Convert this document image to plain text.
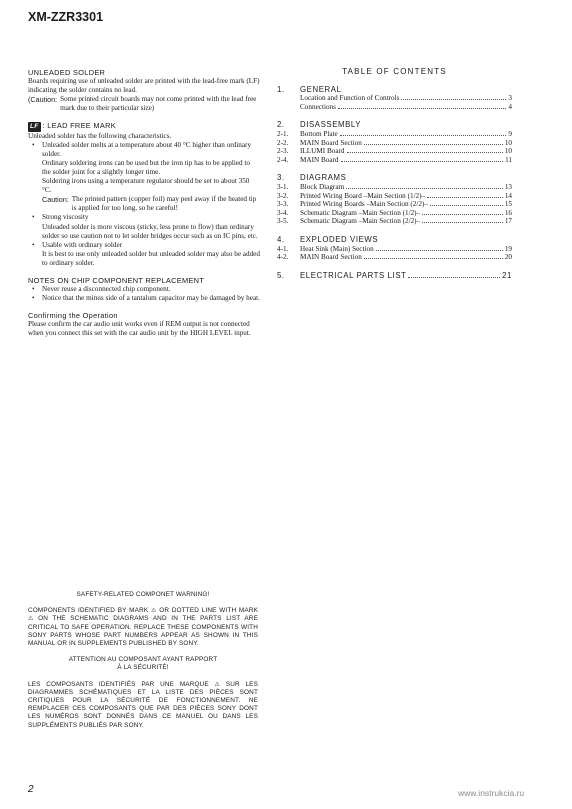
XM-ZZR3301
UNLEADED SOLDER

Boards requiring use of unleaded solder are printed with the lead-free mark (LF) indicating the solder contains no lead.

(Caution: Some printed circuit boards may not come printed with the lead free mark due to their particular size)
LF : LEAD FREE MARK

Unleaded solder has the following characteristics.

• Unleaded solder melts at a temperature about 40 °C higher than ordinary solder.
Ordinary soldering irons can be used but the iron tip has to be applied to the solder joint for a slightly longer time.
Soldering irons using a temperature regulator should be set to about 350 °C.
Caution: The printed pattern (copper foil) may peel away if the heated tip is applied for too long, so be careful!
• Strong viscosity
Unleaded solder is more viscous (sticky, less prone to flow) than ordinary solder so use caution not to let solder bridges occur such as on IC pins, etc.
• Usable with ordinary solder
It is best to use only unleaded solder but unleaded solder may also be added to ordinary solder.
NOTES ON CHIP COMPONENT REPLACEMENT
• Never reuse a disconnected chip component.
• Notice that the minus side of a tantalum capacitor may be damaged by heat.
Confirming the Operation

Please confirm the car audio unit works even if REM output is not connected when you connect this set with the car audio unit by the HIGH LEVEL input.

TABLE OF CONTENTS
1.	GENERAL
Location and Function of Controls	3
Connections	4
2.	DISASSEMBLY
2-1.	Bottom Plate	9
2-2.	MAIN Board Section	10
2-3.	ILLUMI Board	10
2-4.	MAIN Board	11
3.	DIAGRAMS
3-1.	Block Diagram	13
3-2.	Printed Wiring Board –Main Section (1/2)–	14
3-3.	Printed Wiring Boards –Main Section (2/2)–	15
3-4.	Schematic Diagram –Main Section (1/2)–	16
3-5.	Schematic Diagram –Main Section (2/2)–	17
4.	EXPLODED VIEWS
4-1.	Heat Sink (Main) Section	19
4-2.	MAIN Board Section	20
5.	ELECTRICAL PARTS LIST	21
SAFETY-RELATED COMPONET WARNING!
COMPONENTS IDENTIFIED BY MARK ⚠ OR DOTTED LINE WITH MARK ⚠ ON THE SCHEMATIC DIAGRAMS AND IN THE PARTS LIST ARE CRITICAL TO SAFE OPERATION. REPLACE THESE COMPONENTS WITH SONY PARTS WHOSE PART NUMBERS APPEAR AS SHOWN IN THIS MANUAL OR IN SUPPLEMENTS PUBLISHED BY SONY.
ATTENTION AU COMPOSANT AYANT RAPPORT
À LA SÉCURITÉ!
LES COMPOSANTS IDENTIFIÉS PAR UNE MARQUE ⚠ SUR LES DIAGRAMMES SCHÉMATIQUES ET LA LISTE DES PIÈCES SONT CRITIQUES POUR LA SÉCURITÉ DE FONCTIONNEMENT. NE REMPLACER CES COMPOSANTS QUE PAR DES PIÈCES SONY DONT LES NUMÉROS SONT DONNÉS DANS CE MANUEL OU DANS LES SUPPLÉMENTS PUBLIÉS PAR SONY.
2	www.instrukcia.ru
